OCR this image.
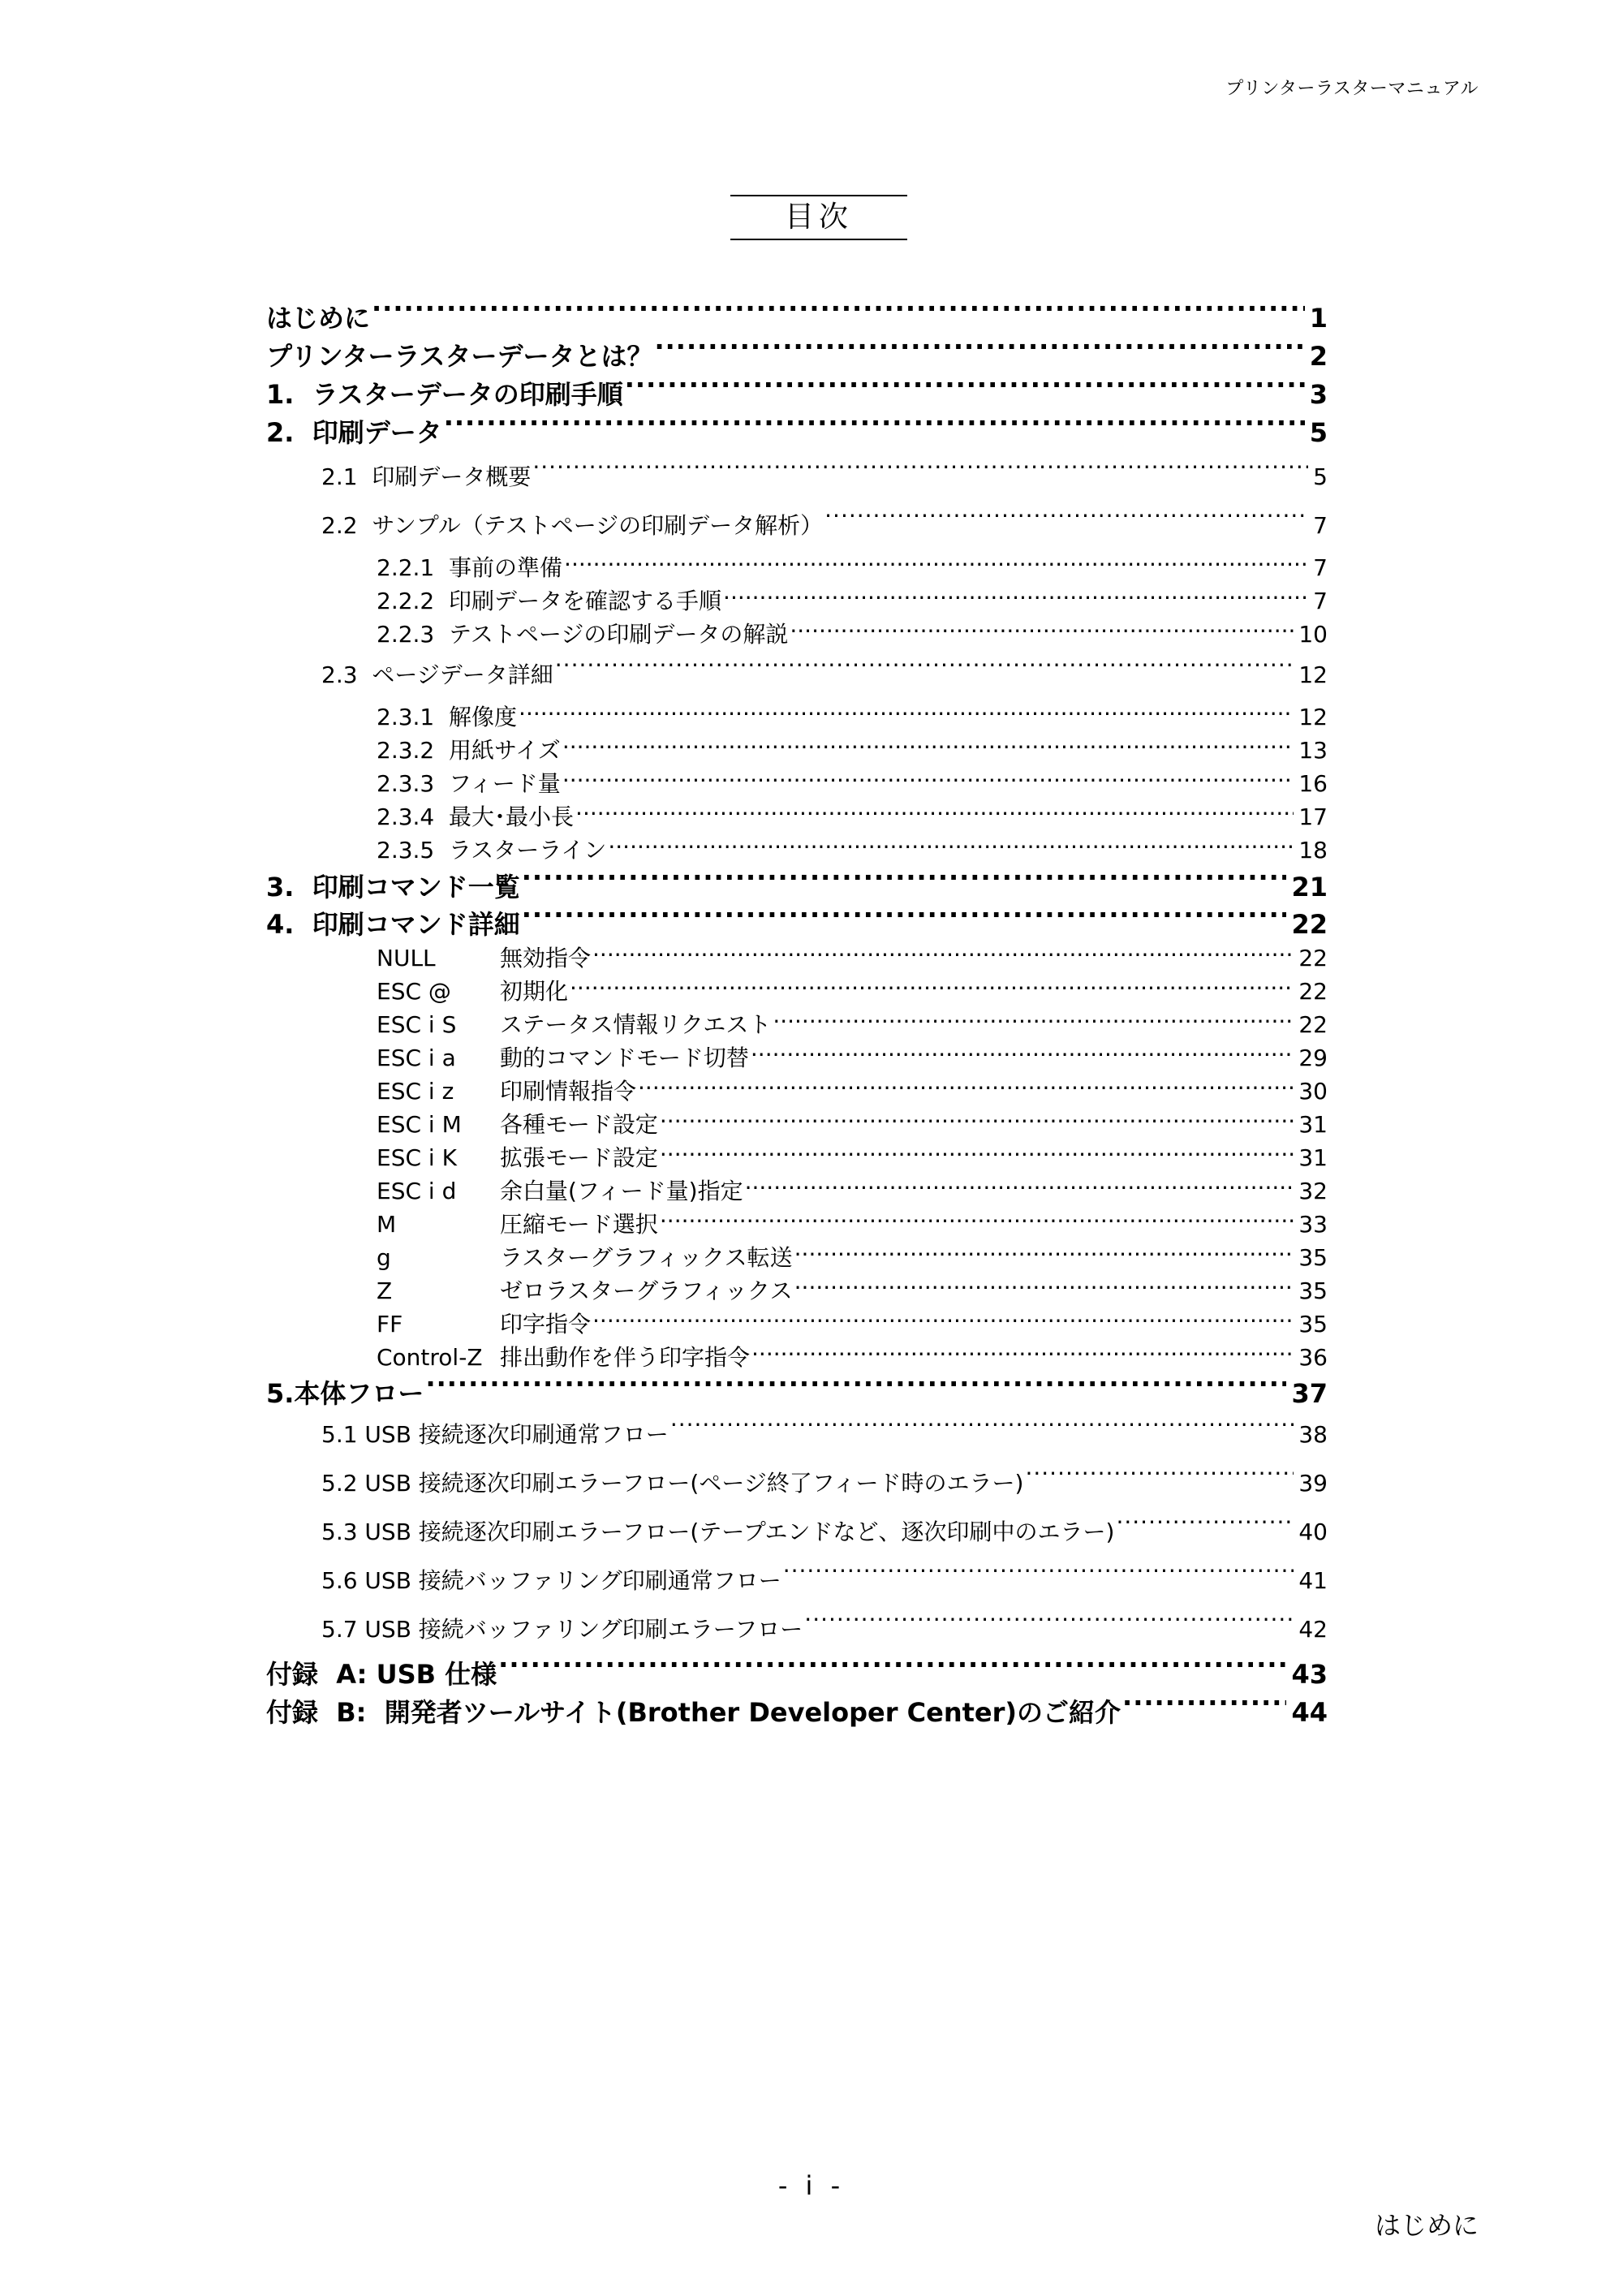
プリンターラスターマニュアル
目次
はじめに ·····	1
プリンターラスターデータとは？ ·····	2
1.  ラスターデータの印刷手順 ·····	3
2.  印刷データ ·····	5
2.1  印刷データ概要 ·····	5
2.2  サンプル（テストページの印刷データ解析） ·····	7
2.2.1  事前の準備 .....	7
2.2.2  印刷データを確認する手順 .....	7
2.2.3  テストページの印刷データの解説 .....	10
2.3  ページデータ詳細 ·····	12
2.3.1  解像度 .....	12
2.3.2  用紙サイズ .....	13
2.3.3  フィード量 .....	16
2.3.4  最大･最小長 .....	17
2.3.5  ラスターライン .....	18
3.  印刷コマンド一覧 ·····	21
4.  印刷コマンド詳細 ·····	22
NULL	無効指令 .....	22
ESC @ 初期化 .....	22
ESC i S ステータス情報リクエスト .....	22
ESC i a 動的コマンドモード切替 .....	29
ESC i z 印刷情報指令 .....	30
ESC i M 各種モード設定 .....	31
ESC i K 拡張モード設定 .....	31
ESC i d 余白量(フィード量)指定 .....	32
M	圧縮モード選択 .....	33
g	ラスターグラフィックス転送 .....	35
Z	ゼロラスターグラフィックス .....	35
FF	印字指令 .....	35
Control-Z 排出動作を伴う印字指令 .....	36
5.本体フロー ·····	37
5.1 USB 接続逐次印刷通常フロー ·····	38
5.2 USB 接続逐次印刷エラーフロー(ページ終了フィード時のエラー) ·····	39
5.3 USB 接続逐次印刷エラーフロー(テープエンドなど、逐次印刷中のエラー) ·····	40
5.6 USB 接続バッファリング印刷通常フロー ·····	41
5.7 USB 接続バッファリング印刷エラーフロー ·····	42
付録  A: USB 仕様 ·····	43
付録  B:  開発者ツールサイト(Brother Developer Center)のご紹介 ·····	44
- i -
はじめに
